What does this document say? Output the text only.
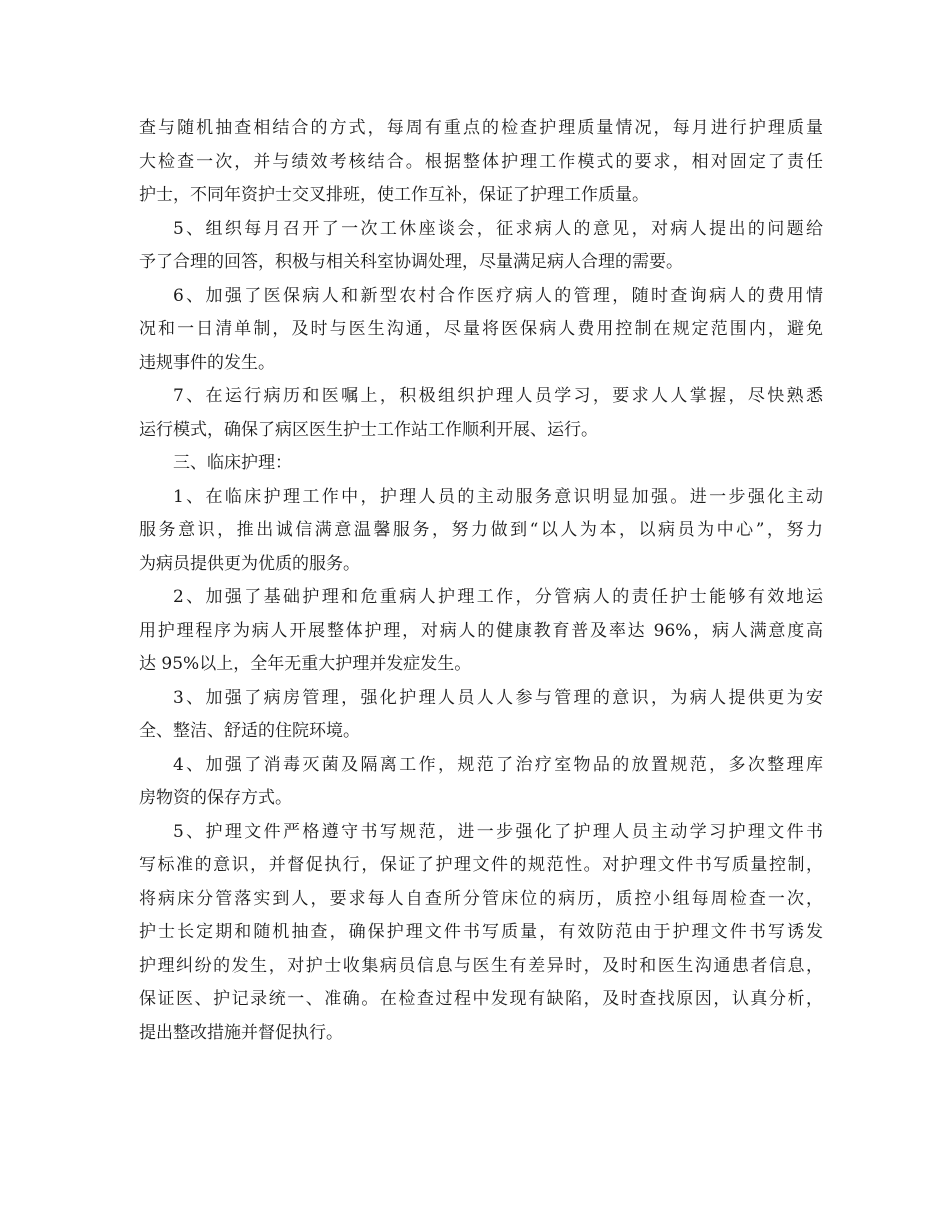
查与随机抽查相结合的方式，每周有重点的检查护理质量情况，每月进行护理质量
大检查一次，并与绩效考核结合。根据整体护理工作模式的要求，相对固定了责任
护士，不同年资护士交叉排班，使工作互补，保证了护理工作质量。
5、组织每月召开了一次工休座谈会，征求病人的意见，对病人提出的问题给
予了合理的回答，积极与相关科室协调处理，尽量满足病人合理的需要。
6、加强了医保病人和新型农村合作医疗病人的管理，随时查询病人的费用情
况和一日清单制，及时与医生沟通，尽量将医保病人费用控制在规定范围内，避免
违规事件的发生。
7、在运行病历和医嘱上，积极组织护理人员学习，要求人人掌握，尽快熟悉
运行模式，确保了病区医生护士工作站工作顺利开展、运行。
三、临床护理：
1、在临床护理工作中，护理人员的主动服务意识明显加强。进一步强化主动
服务意识，推出诚信满意温馨服务，努力做到“以人为本，以病员为中心”，努力
为病员提供更为优质的服务。
2、加强了基础护理和危重病人护理工作，分管病人的责任护士能够有效地运
用护理程序为病人开展整体护理，对病人的健康教育普及率达 96%，病人满意度高
达 95%以上，全年无重大护理并发症发生。
3、加强了病房管理，强化护理人员人人参与管理的意识，为病人提供更为安
全、整洁、舒适的住院环境。
4、加强了消毒灭菌及隔离工作，规范了治疗室物品的放置规范，多次整理库
房物资的保存方式。
5、护理文件严格遵守书写规范，进一步强化了护理人员主动学习护理文件书
写标准的意识，并督促执行，保证了护理文件的规范性。对护理文件书写质量控制，
将病床分管落实到人，要求每人自查所分管床位的病历，质控小组每周检查一次，
护士长定期和随机抽查，确保护理文件书写质量，有效防范由于护理文件书写诱发
护理纠纷的发生，对护士收集病员信息与医生有差异时，及时和医生沟通患者信息，
保证医、护记录统一、准确。在检查过程中发现有缺陷，及时查找原因，认真分析，
提出整改措施并督促执行。
